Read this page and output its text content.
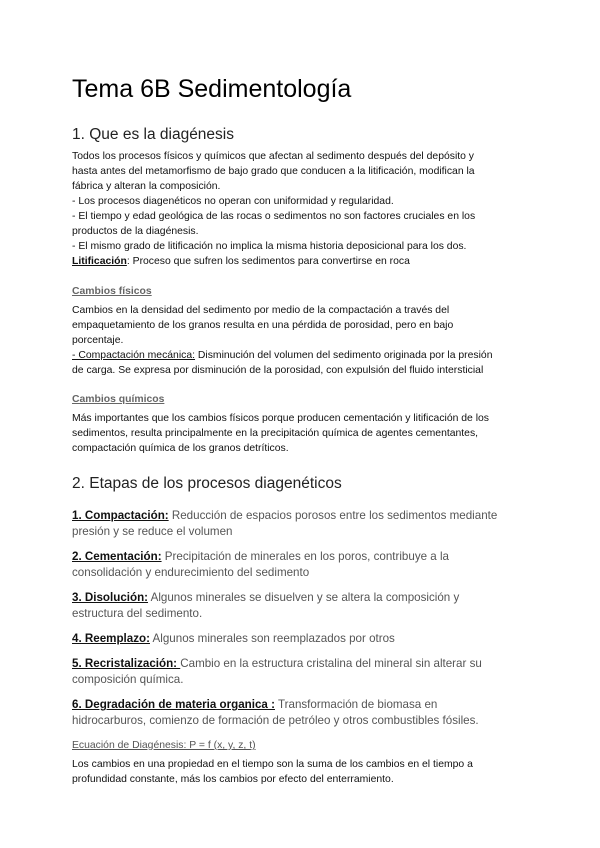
Tema 6B Sedimentología
1. Que es la diagénesis

Todos los procesos físicos y químicos que afectan al sedimento después del depósito y

hasta antes del metamorfismo de bajo grado que conducen a la litificación, modifican la

fábrica y alteran la composición.

- Los procesos diagenéticos no operan con uniformidad y regularidad.

- El tiempo y edad geológica de las rocas o sedimentos no son factores cruciales en los

productos de la diagénesis.

- El mismo grado de litificación no implica la misma historia deposicional para los dos.

Litificación: Proceso que sufren los sedimentos para convertirse en roca

Cambios físicos

Cambios en la densidad del sedimento por medio de la compactación a través del

empaquetamiento de los granos resulta en una pérdida de porosidad, pero en bajo

porcentaje.

- Compactación mecánica: Disminución del volumen del sedimento originada por la presión

de carga. Se expresa por disminución de la porosidad, con expulsión del fluido intersticial

Cambios químicos

Más importantes que los cambios físicos porque producen cementación y litificación de los

sedimentos, resulta principalmente en la precipitación química de agentes cementantes,

compactación química de los granos detríticos.

2. Etapas de los procesos diagenéticos
1. Compactación: Reducción de espacios porosos entre los sedimentos mediante
presión y se reduce el volumen
2. Cementación: Precipitación de minerales en los poros, contribuye a la
consolidación y endurecimiento del sedimento
3. Disolución: Algunos minerales se disuelven y se altera la composición y
estructura del sedimento.
4. Reemplazo: Algunos minerales son reemplazados por otros
5. Recristalización: Cambio en la estructura cristalina del mineral sin alterar su
composición química.
6. Degradación de materia organica : Transformación de biomasa en
hidrocarburos, comienzo de formación de petróleo y otros combustibles fósiles.
Ecuación de Diagénesis: P = f (x, y, z, t)

Los cambios en una propiedad en el tiempo son la suma de los cambios en el tiempo a

profundidad constante, más los cambios por efecto del enterramiento.
